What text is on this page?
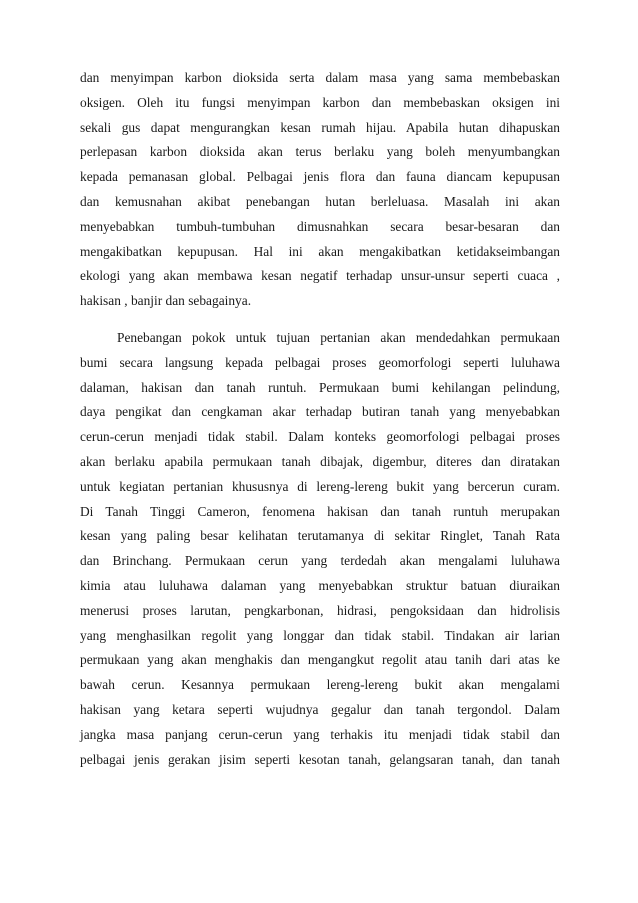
dan menyimpan karbon dioksida serta dalam masa yang sama membebaskan
oksigen. Oleh itu fungsi menyimpan karbon dan membebaskan oksigen ini
sekali gus dapat mengurangkan kesan rumah hijau. Apabila hutan dihapuskan
perlepasan karbon dioksida akan terus berlaku yang boleh menyumbangkan
kepada pemanasan global. Pelbagai jenis flora dan fauna diancam kepupusan
dan kemusnahan akibat penebangan hutan berleluasa. Masalah ini akan
menyebabkan tumbuh-tumbuhan dimusnahkan secara besar-besaran dan
mengakibatkan kepupusan. Hal ini akan mengakibatkan ketidakseimbangan
ekologi yang akan membawa kesan negatif terhadap unsur-unsur seperti cuaca ,
hakisan , banjir dan sebagainya.

Penebangan pokok untuk tujuan pertanian akan mendedahkan permukaan
bumi secara langsung kepada pelbagai proses geomorfologi seperti luluhawa
dalaman, hakisan dan tanah runtuh. Permukaan bumi kehilangan pelindung,
daya pengikat dan cengkaman akar terhadap butiran tanah yang menyebabkan
cerun-cerun menjadi tidak stabil. Dalam konteks geomorfologi pelbagai proses
akan berlaku apabila permukaan tanah dibajak, digembur, diteres dan diratakan
untuk kegiatan pertanian khususnya di lereng-lereng bukit yang bercerun curam.
Di Tanah Tinggi Cameron, fenomena hakisan dan tanah runtuh merupakan
kesan yang paling besar kelihatan terutamanya di sekitar Ringlet, Tanah Rata
dan Brinchang. Permukaan cerun yang terdedah akan mengalami luluhawa
kimia atau luluhawa dalaman yang menyebabkan struktur batuan diuraikan
menerusi proses larutan, pengkarbonan, hidrasi, pengoksidaan dan hidrolisis
yang menghasilkan regolit yang longgar dan tidak stabil. Tindakan air larian
permukaan yang akan menghakis dan mengangkut regolit atau tanih dari atas ke
bawah cerun. Kesannya permukaan lereng-lereng bukit akan mengalami
hakisan yang ketara seperti wujudnya gegalur dan tanah tergondol. Dalam
jangka masa panjang cerun-cerun yang terhakis itu menjadi tidak stabil dan
pelbagai jenis gerakan jisim seperti kesotan tanah, gelangsaran tanah, dan tanah
